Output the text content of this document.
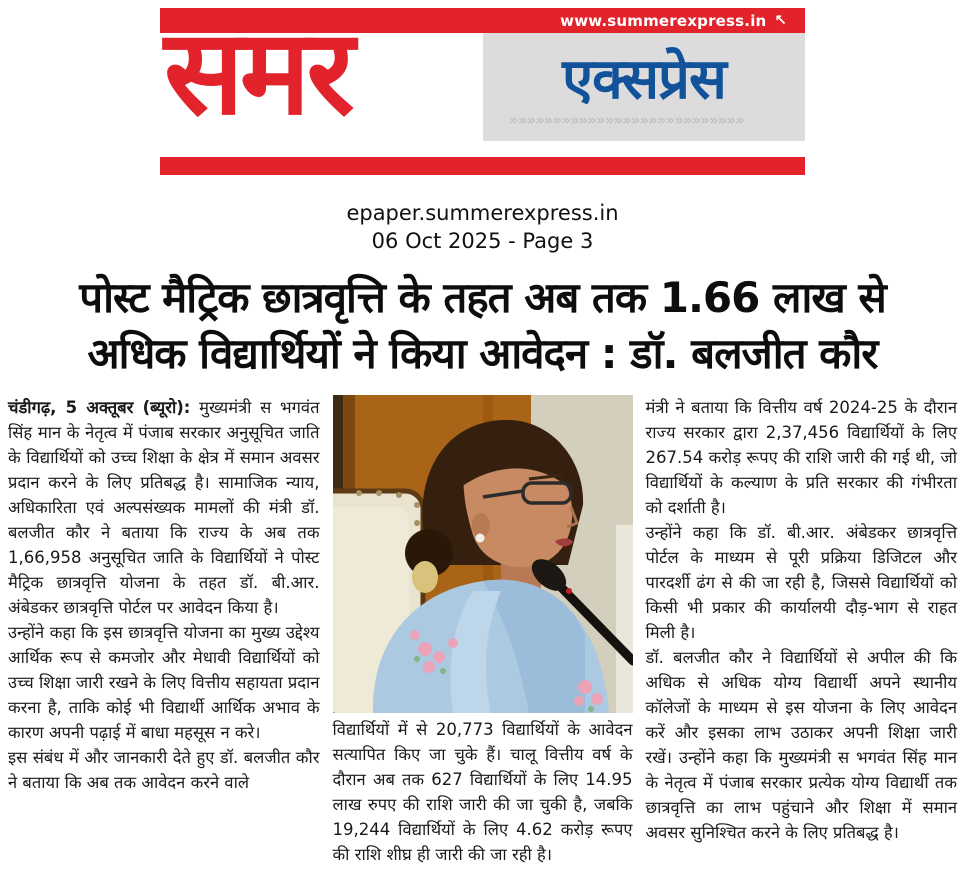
www.summerexpress.in ↖
समर	एक्सप्रेस
»»»»»»»»»»»»»»»»»»»»»»»»»»»
epaper.summerexpress.in
06 Oct 2025 - Page 3
पोस्ट मैट्रिक छात्रवृत्ति के तहत अब तक 1.66 लाख से
अधिक विद्यार्थियों ने किया आवेदन : डॉ. बलजीत कौर

चंडीगढ़, 5 अक्तूबर (ब्यूरो): मुख्यमंत्री स भगवंत सिंह मान के नेतृत्व में पंजाब सरकार अनुसूचित जाति के विद्यार्थियों को उच्च शिक्षा के क्षेत्र में समान अवसर प्रदान करने के लिए प्रतिबद्ध है। सामाजिक न्याय, अधिकारिता एवं अल्पसंख्यक मामलों की मंत्री डॉ. बलजीत कौर ने बताया कि राज्य के अब तक 1,66,958 अनुसूचित जाति के विद्यार्थियों ने पोस्ट मैट्रिक छात्रवृत्ति योजना के तहत डॉ. बी.आर. अंबेडकर छात्रवृत्ति पोर्टल पर आवेदन किया है।

उन्होंने कहा कि इस छात्रवृत्ति योजना का मुख्य उद्देश्य आर्थिक रूप से कमजोर और मेधावी विद्यार्थियों को उच्च शिक्षा जारी रखने के लिए वित्तीय सहायता प्रदान करना है, ताकि कोई भी विद्यार्थी आर्थिक अभाव के कारण अपनी पढ़ाई में बाधा महसूस न करे।

इस संबंध में और जानकारी देते हुए डॉ. बलजीत कौर ने बताया कि अब तक आवेदन करने वाले

विद्यार्थियों में से 20,773 विद्यार्थियों के आवेदन सत्यापित किए जा चुके हैं। चालू वित्तीय वर्ष के दौरान अब तक 627 विद्यार्थियों के लिए 14.95 लाख रुपए की राशि जारी की जा चुकी है, जबकि 19,244 विद्यार्थियों के लिए 4.62 करोड़ रूपए की राशि शीघ्र ही जारी की जा रही है।

मंत्री ने बताया कि वित्तीय वर्ष 2024-25 के दौरान राज्य सरकार द्वारा 2,37,456 विद्यार्थियों के लिए 267.54 करोड़ रूपए की राशि जारी की गई थी, जो विद्यार्थियों के कल्याण के प्रति सरकार की गंभीरता को दर्शाती है।

उन्होंने कहा कि डॉ. बी.आर. अंबेडकर छात्रवृत्ति पोर्टल के माध्यम से पूरी प्रक्रिया डिजिटल और पारदर्शी ढंग से की जा रही है, जिससे विद्यार्थियों को किसी भी प्रकार की कार्यालयी दौड़-भाग से राहत मिली है।

डॉ. बलजीत कौर ने विद्यार्थियों से अपील की कि अधिक से अधिक योग्य विद्यार्थी अपने स्थानीय कॉलेजों के माध्यम से इस योजना के लिए आवेदन करें और इसका लाभ उठाकर अपनी शिक्षा जारी रखें। उन्होंने कहा कि मुख्यमंत्री स भगवंत सिंह मान के नेतृत्व में पंजाब सरकार प्रत्येक योग्य विद्यार्थी तक छात्रवृत्ति का लाभ पहुंचाने और शिक्षा में समान अवसर सुनिश्चित करने के लिए प्रतिबद्ध है।
